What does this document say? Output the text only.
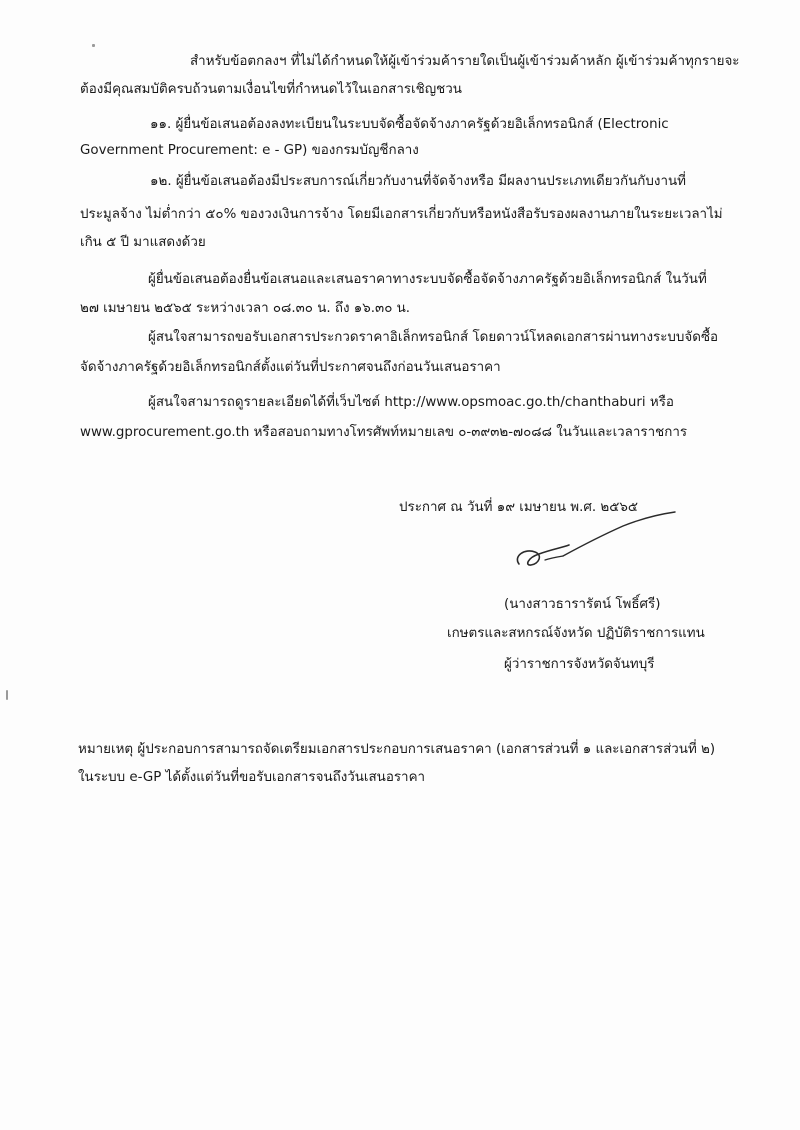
สำหรับข้อตกลงฯ ที่ไม่ได้กำหนดให้ผู้เข้าร่วมค้ารายใดเป็นผู้เข้าร่วมค้าหลัก ผู้เข้าร่วมค้าทุกรายจะ
ต้องมีคุณสมบัติครบถ้วนตามเงื่อนไขที่กำหนดไว้ในเอกสารเชิญชวน
๑๑. ผู้ยื่นข้อเสนอต้องลงทะเบียนในระบบจัดซื้อจัดจ้างภาครัฐด้วยอิเล็กทรอนิกส์ (Electronic
Government Procurement: e - GP) ของกรมบัญชีกลาง
๑๒. ผู้ยื่นข้อเสนอต้องมีประสบการณ์เกี่ยวกับงานที่จัดจ้างหรือ มีผลงานประเภทเดียวกันกับงานที่
ประมูลจ้าง ไม่ต่ำกว่า ๕๐% ของวงเงินการจ้าง โดยมีเอกสารเกี่ยวกับหรือหนังสือรับรองผลงานภายในระยะเวลาไม่
เกิน ๕ ปี มาแสดงด้วย
ผู้ยื่นข้อเสนอต้องยื่นข้อเสนอและเสนอราคาทางระบบจัดซื้อจัดจ้างภาครัฐด้วยอิเล็กทรอนิกส์ ในวันที่
๒๗ เมษายน ๒๕๖๕ ระหว่างเวลา ๐๘.๓๐ น. ถึง ๑๖.๓๐ น.
ผู้สนใจสามารถขอรับเอกสารประกวดราคาอิเล็กทรอนิกส์ โดยดาวน์โหลดเอกสารผ่านทางระบบจัดซื้อ
จัดจ้างภาครัฐด้วยอิเล็กทรอนิกส์ตั้งแต่วันที่ประกาศจนถึงก่อนวันเสนอราคา
ผู้สนใจสามารถดูรายละเอียดได้ที่เว็บไซต์ http://www.opsmoac.go.th/chanthaburi หรือ
www.gprocurement.go.th หรือสอบถามทางโทรศัพท์หมายเลข ๐-๓๙๓๒-๗๐๘๘ ในวันและเวลาราชการ
ประกาศ ณ วันที่ ๑๙ เมษายน พ.ศ. ๒๕๖๕
(นางสาวธารารัตน์ โพธิ์ศรี)
เกษตรและสหกรณ์จังหวัด ปฏิบัติราชการแทน
ผู้ว่าราชการจังหวัดจันทบุรี
หมายเหตุ ผู้ประกอบการสามารถจัดเตรียมเอกสารประกอบการเสนอราคา (เอกสารส่วนที่ ๑ และเอกสารส่วนที่ ๒)
ในระบบ e-GP ได้ตั้งแต่วันที่ขอรับเอกสารจนถึงวันเสนอราคา
